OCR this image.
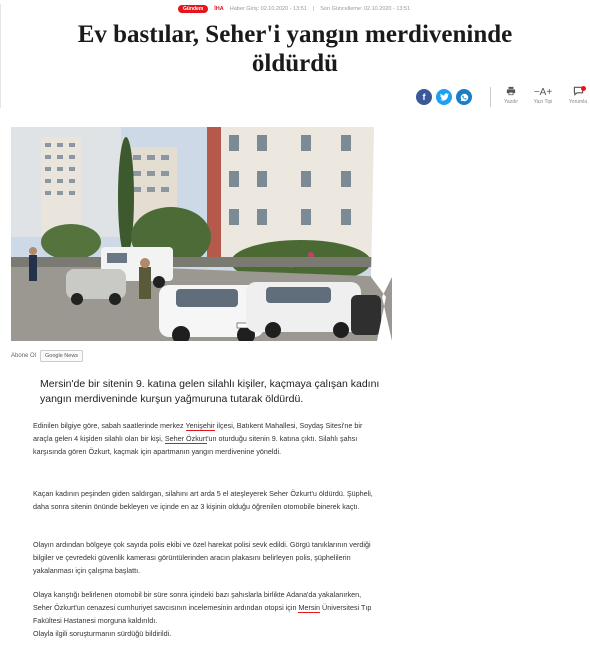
Gündem	İHA Haber Giriş: 02.10.2020 - 13:51 | Son Güncelleme: 02.10.2020 - 13:51
Ev bastılar, Seher'i yangın merdiveninde öldürdü
f	Yazdır
−A+
Yazı Tipi	Yorumla
Abone Ol	Google News

Mersin'de bir sitenin 9. katına gelen silahlı kişiler, kaçmaya çalışan kadını yangın merdiveninde kurşun yağmuruna tutarak öldürdü.

Edinilen bilgiye göre, sabah saatlerinde merkez Yenişehir ilçesi, Batıkent Mahallesi, Soydaş Sitesi'ne bir araçla gelen 4 kişiden silahlı olan bir kişi, Seher Özkurt'un oturduğu sitenin 9. katına çıktı. Silahlı şahsı karşısında gören Özkurt, kaçmak için apartmanın yangın merdivenine yöneldi.

Kaçan kadının peşinden giden saldırgan, silahını art arda 5 el ateşleyerek Seher Özkurt'u öldürdü. Şüpheli, daha sonra sitenin önünde bekleyen ve içinde en az 3 kişinin olduğu öğrenilen otomobile binerek kaçtı.

Olayın ardından bölgeye çok sayıda polis ekibi ve özel harekat polisi sevk edildi. Görgü tanıklarının verdiği bilgiler ve çevredeki güvenlik kamerası görüntülerinden aracın plakasını belirleyen polis, şüphelilerin yakalanması için çalışma başlattı.

Olaya karıştığı belirlenen otomobil bir süre sonra içindeki bazı şahıslarla birlikte Adana'da yakalanırken, Seher Özkurt'un cenazesi cumhuriyet savcısının incelemesinin ardından otopsi için Mersin Üniversitesi Tıp Fakültesi Hastanesi morguna kaldırıldı.
Olayla ilgili soruşturmanın sürdüğü bildirildi.
